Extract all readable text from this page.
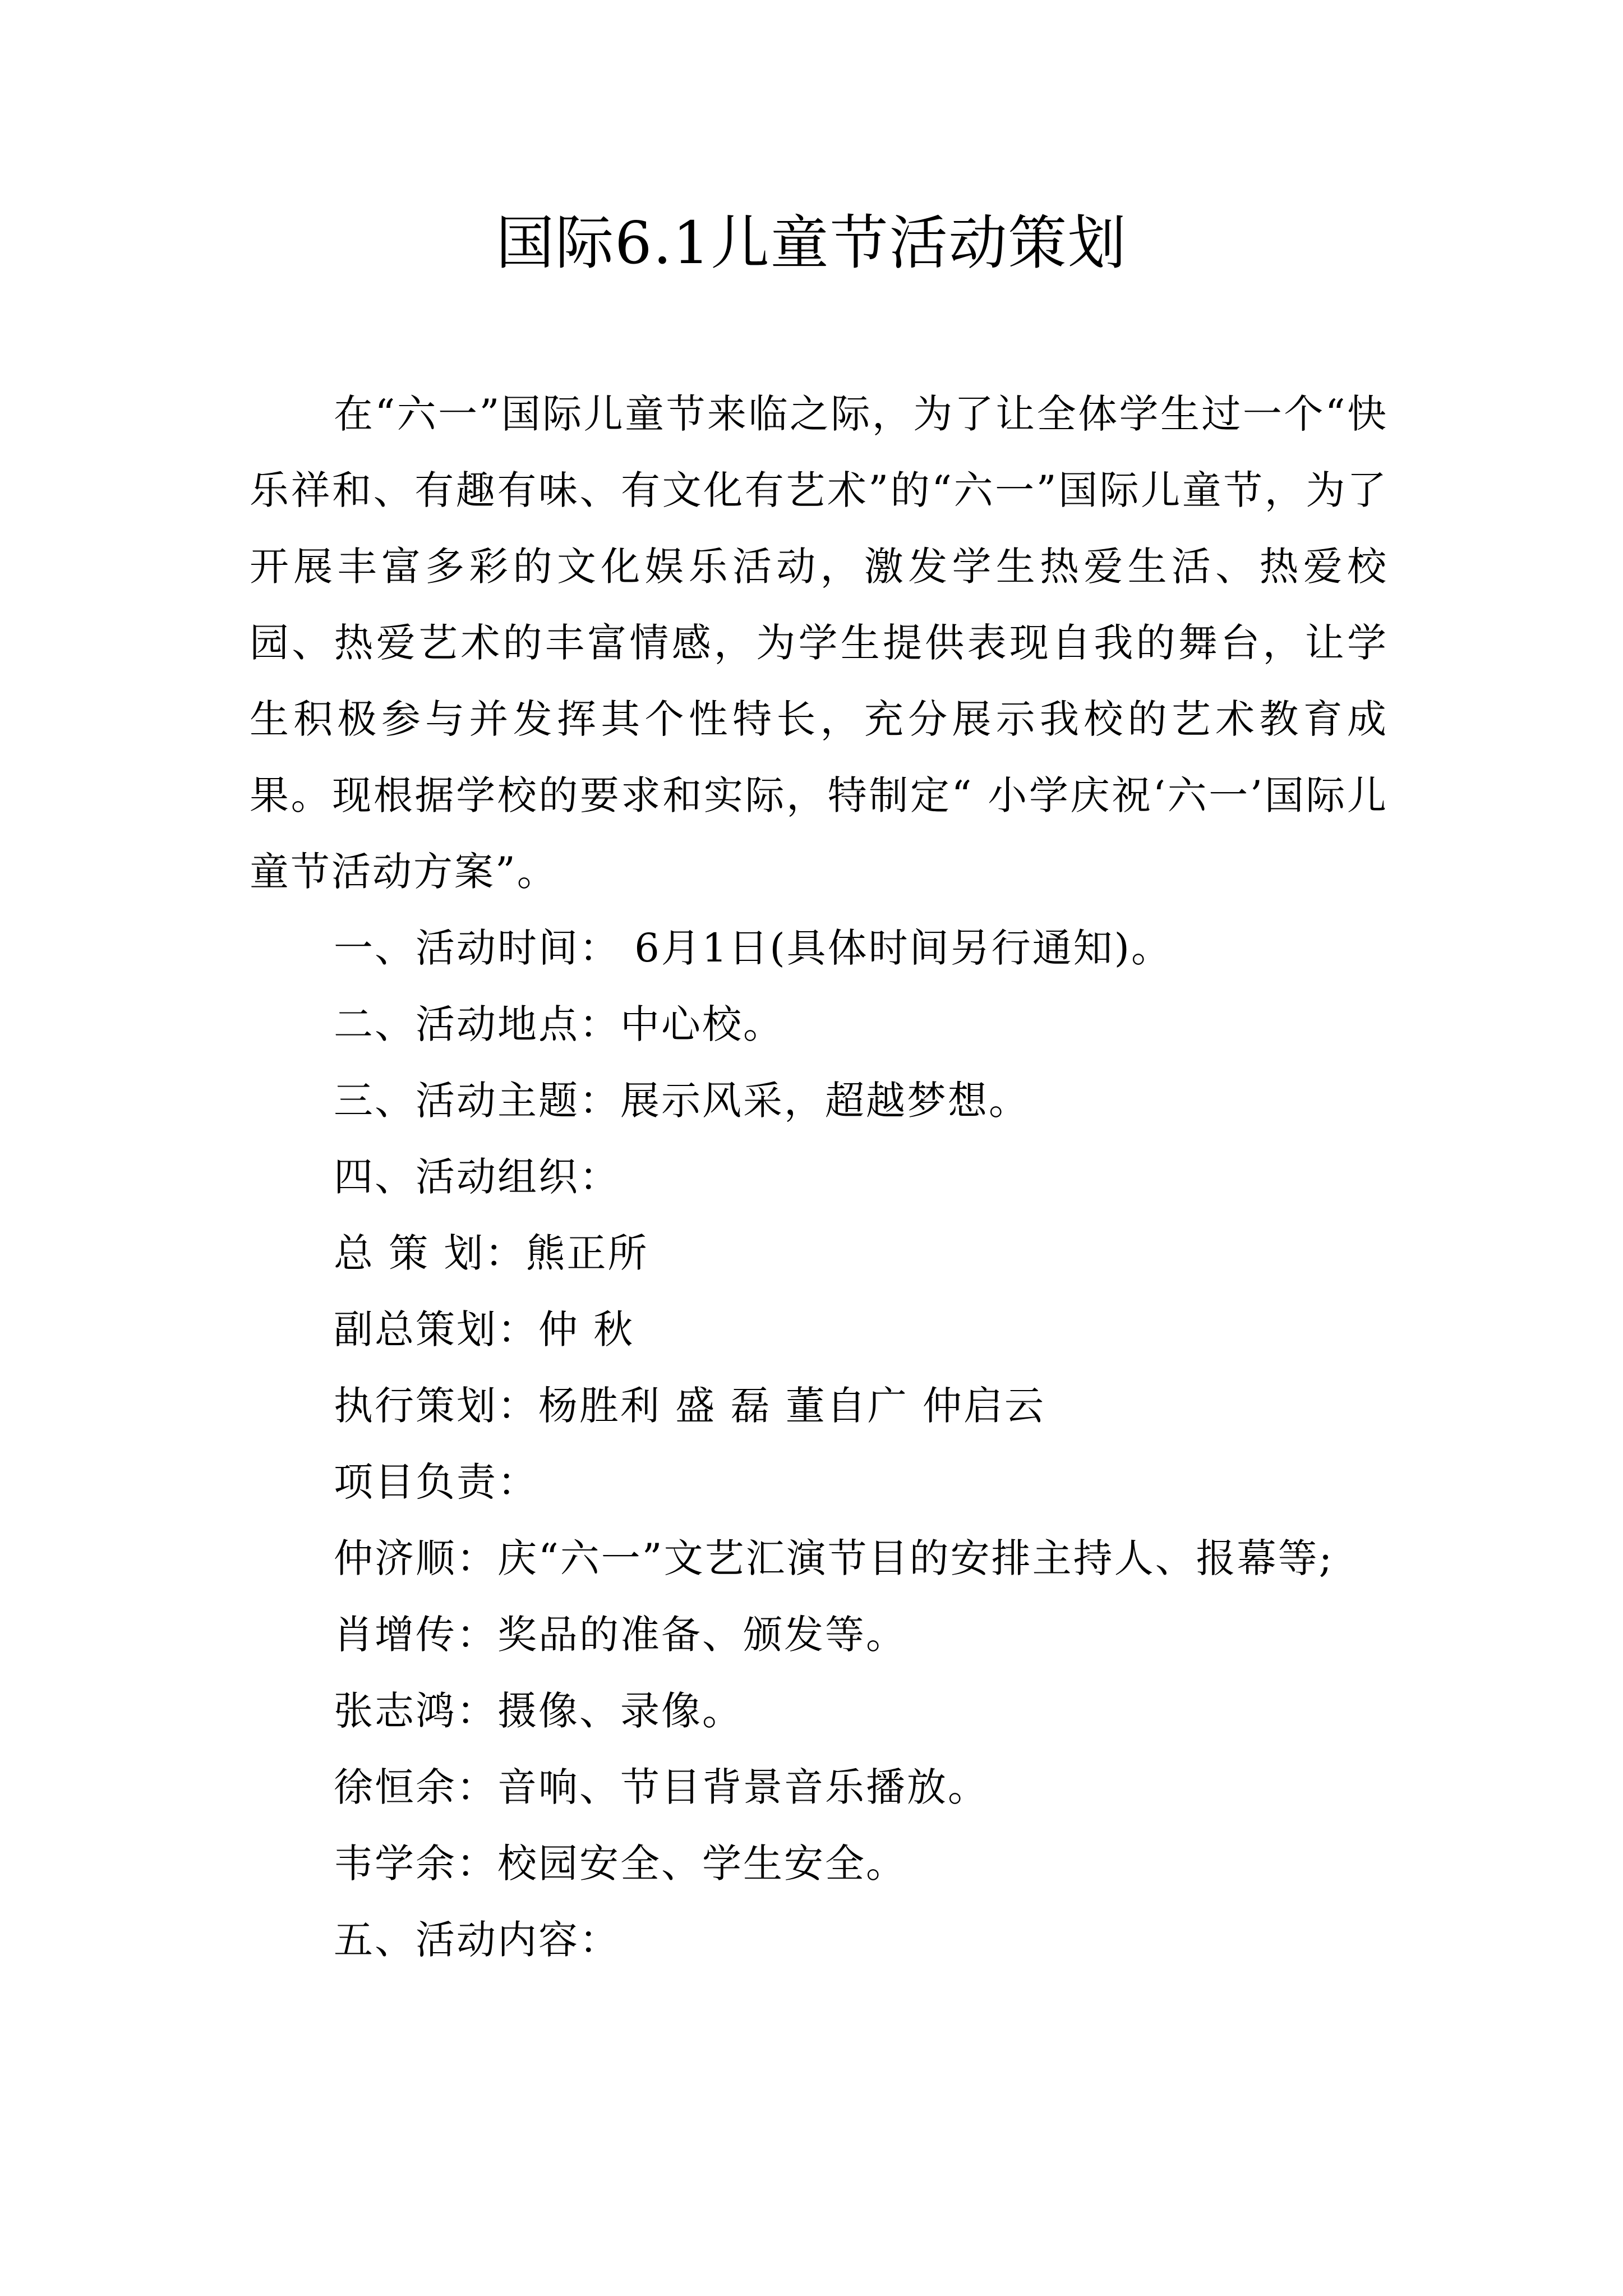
国际6.1儿童节活动策划

在“六一”国际儿童节来临之际，为了让全体学生过一个“快乐祥和、有趣有味、有文化有艺术”的“六一”国际儿童节，为了开展丰富多彩的文化娱乐活动，激发学生热爱生活、热爱校园、热爱艺术的丰富情感，为学生提供表现自我的舞台，让学生积极参与并发挥其个性特长，充分展示我校的艺术教育成果。现根据学校的要求和实际，特制定“ 小学庆祝‘六一’国际儿童节活动方案”。

一、活动时间： 6月1日(具体时间另行通知)。

二、活动地点：中心校。

三、活动主题：展示风采，超越梦想。

四、活动组织：

总 策 划：熊正所

副总策划：仲 秋

执行策划：杨胜利 盛 磊 董自广 仲启云

项目负责：

仲济顺：庆“六一”文艺汇演节目的安排主持人、报幕等;

肖增传：奖品的准备、颁发等。

张志鸿：摄像、录像。

徐恒余：音响、节目背景音乐播放。

韦学余：校园安全、学生安全。

五、活动内容：
